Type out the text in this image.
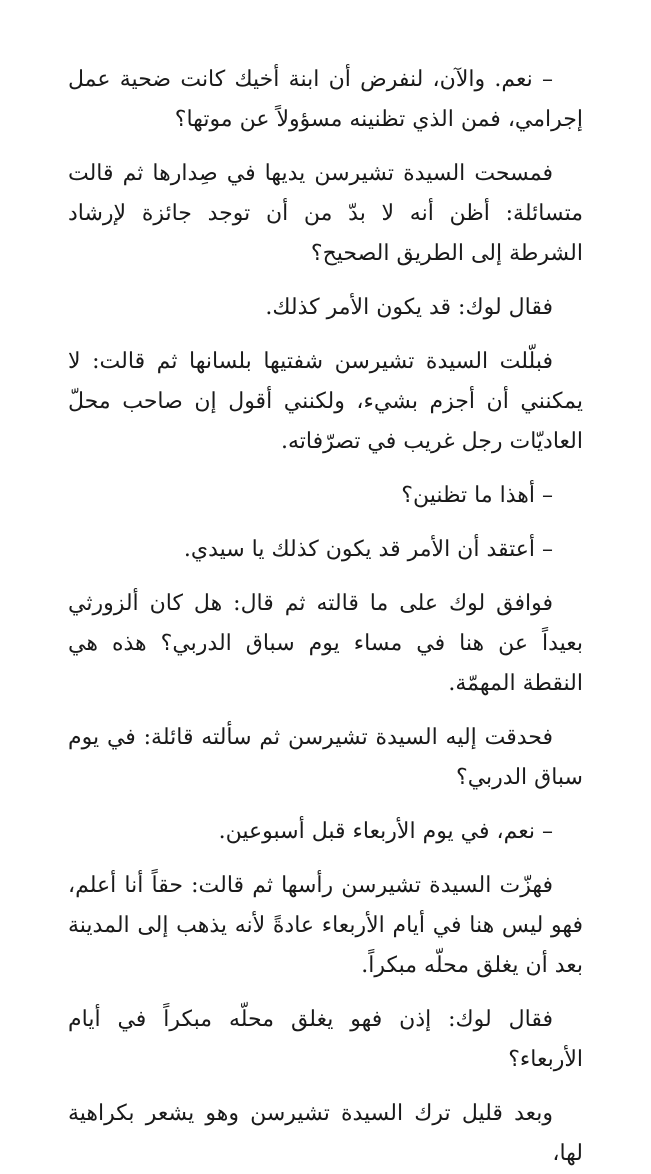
– نعم. والآن، لنفرض أن ابنة أخيك كانت ضحية عمل إجرامي، فمن الذي تظنينه مسؤولاً عن موتها؟

فمسحت السيدة تشيرسن يديها في صِدارها ثم قالت متسائلة: أظن أنه لا بدّ من أن توجد جائزة لإرشاد الشرطة إلى الطريق الصحيح؟

فقال لوك: قد يكون الأمر كذلك.

فبلّلت السيدة تشيرسن شفتيها بلسانها ثم قالت: لا يمكنني أن أجزم بشيء، ولكنني أقول إن صاحب محلّ العاديّات رجل غريب في تصرّفاته.

– أهذا ما تظنين؟

– أعتقد أن الأمر قد يكون كذلك يا سيدي.

فوافق لوك على ما قالته ثم قال: هل كان ألزورثي بعيداً عن هنا في مساء يوم سباق الدربي؟ هذه هي النقطة المهمّة.

فحدقت إليه السيدة تشيرسن ثم سألته قائلة: في يوم سباق الدربي؟

– نعم، في يوم الأربعاء قبل أسبوعين.

فهزّت السيدة تشيرسن رأسها ثم قالت: حقاً أنا أعلم، فهو ليس هنا في أيام الأربعاء عادةً لأنه يذهب إلى المدينة بعد أن يغلق محلّه مبكراً.

فقال لوك: إذن فهو يغلق محلّه مبكراً في أيام الأربعاء؟

وبعد قليل ترك السيدة تشيرسن وهو يشعر بكراهية لها،
